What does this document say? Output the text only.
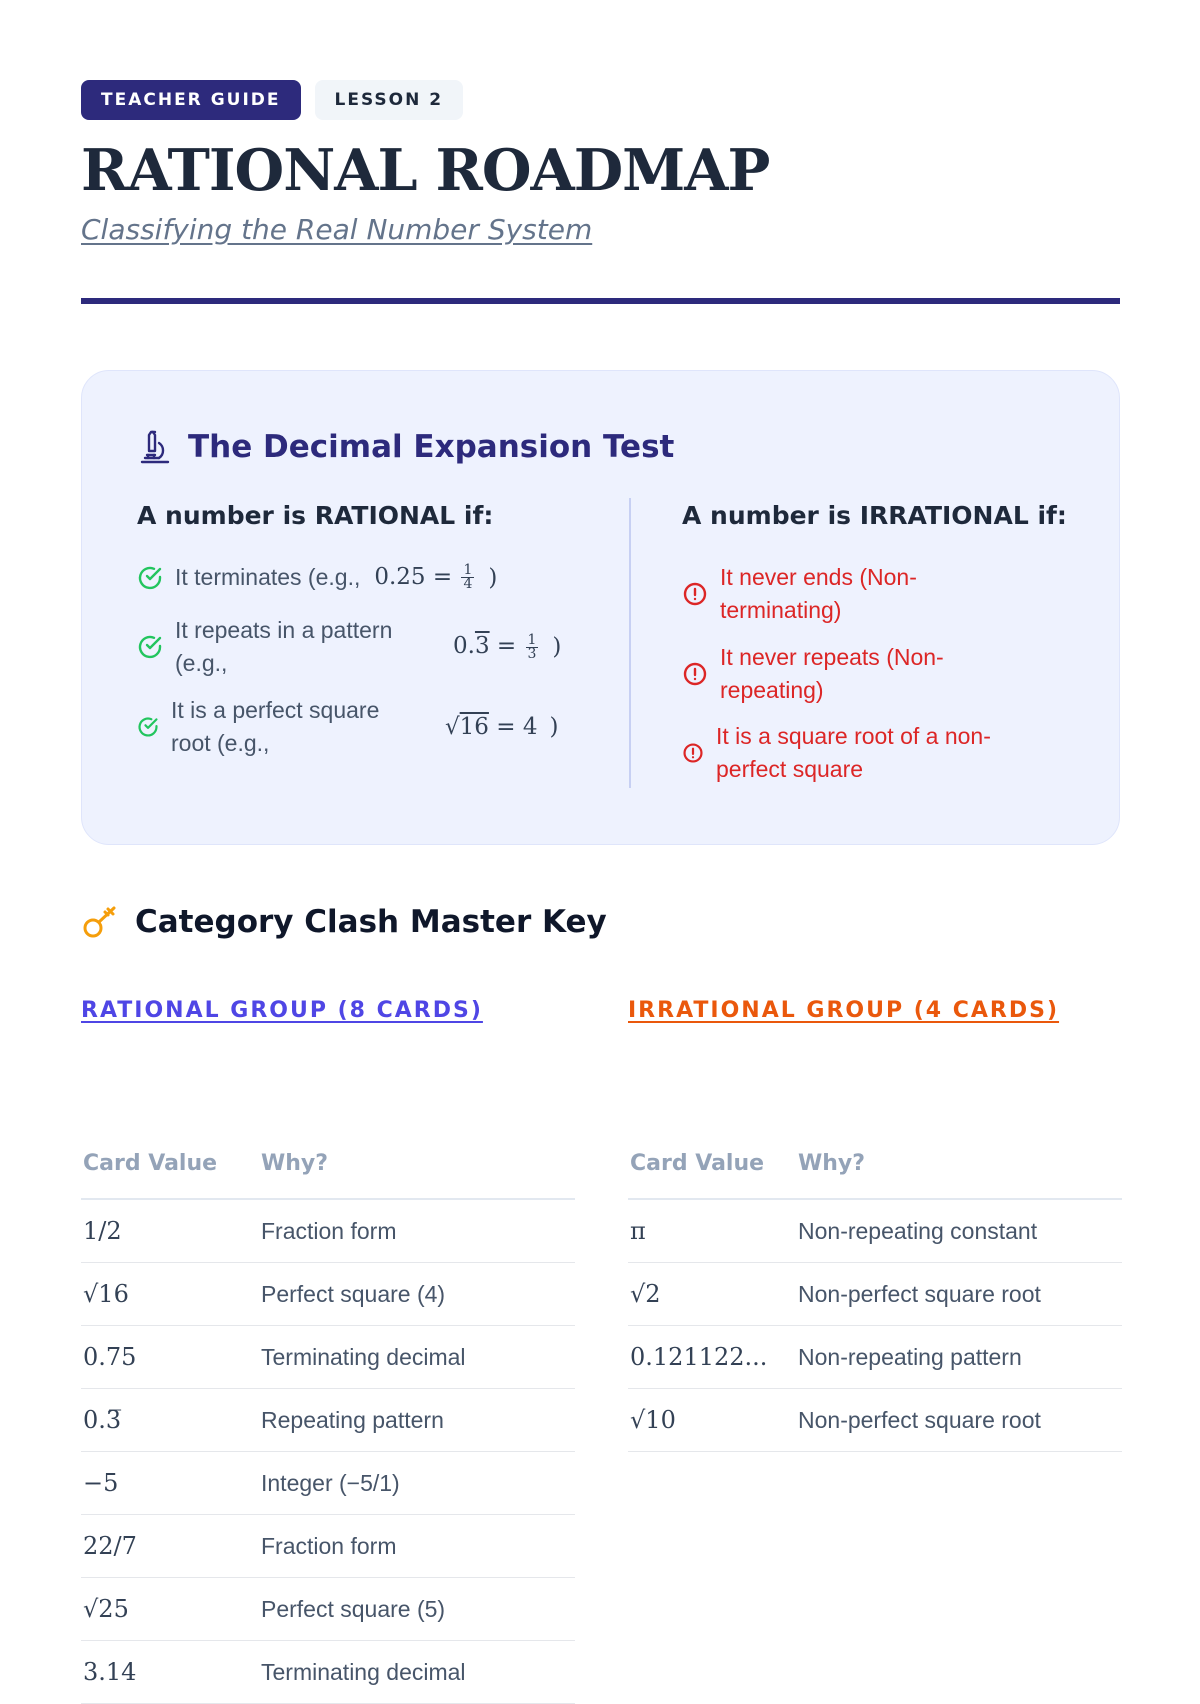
TEACHER GUIDE	LESSON 2
RATIONAL ROADMAP
Classifying the Real Number System
The Decimal Expansion Test
A number is RATIONAL if:
It terminates (e.g., $0.25 = \frac{1}{4}$ )
It repeats in a pattern (e.g.,
$0.3 = \frac{1}{3}$ )
It is a perfect square root (e.g.,
√16 = 4 )
A number is IRRATIONAL if:
It never ends (Non-terminating)
It never repeats (Non-repeating)
It is a square root of a non-perfect square
Category Clash Master Key
RATIONAL GROUP (8 CARDS)	IRRATIONAL GROUP (4 CARDS)
Card Value	Why?
1/2	Fraction form
√16	Perfect square (4)
0.75	Terminating decimal
0.3̅	Repeating pattern
−5	Integer (−5/1)
22/7	Fraction form
√25	Perfect square (5)
3.14	Terminating decimal
Card Value	Why?
π	Non-repeating constant
√2	Non-perfect square root
0.121122...	Non-repeating pattern
√10	Non-perfect square root
